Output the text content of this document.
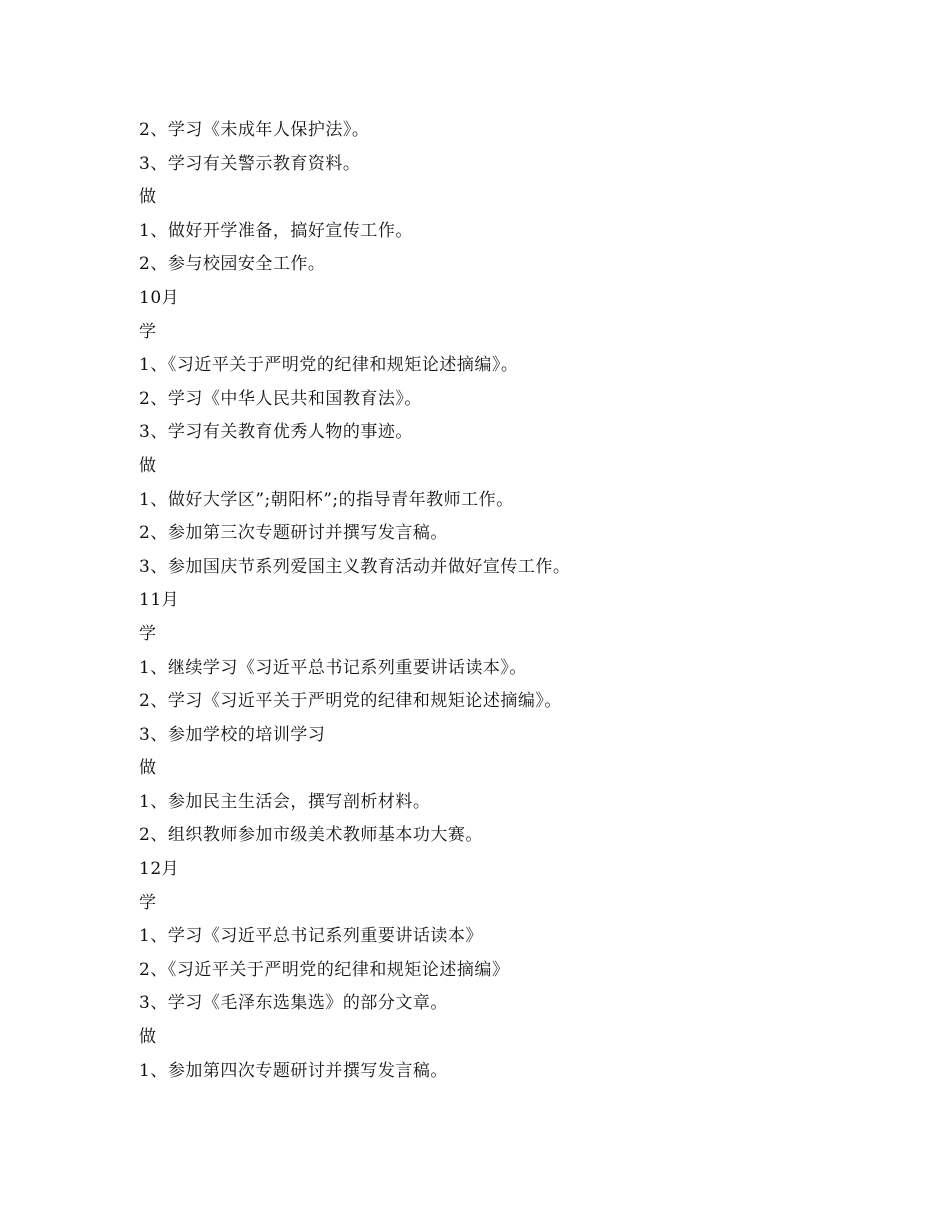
2、学习《未成年人保护法》。
3、学习有关警示教育资料。
做
1、做好开学准备，搞好宣传工作。
2、参与校园安全工作。
10月
学
1、《习近平关于严明党的纪律和规矩论述摘编》。
2、学习《中华人民共和国教育法》。
3、学习有关教育优秀人物的事迹。
做
1、做好大学区”;朝阳杯”;的指导青年教师工作。
2、参加第三次专题研讨并撰写发言稿。
3、参加国庆节系列爱国主义教育活动并做好宣传工作。
11月
学
1、继续学习《习近平总书记系列重要讲话读本》。
2、学习《习近平关于严明党的纪律和规矩论述摘编》。
3、参加学校的培训学习
做
1、参加民主生活会，撰写剖析材料。
2、组织教师参加市级美术教师基本功大赛。
12月
学
1、学习《习近平总书记系列重要讲话读本》
2、《习近平关于严明党的纪律和规矩论述摘编》
3、学习《毛泽东选集选》的部分文章。
做
1、参加第四次专题研讨并撰写发言稿。
